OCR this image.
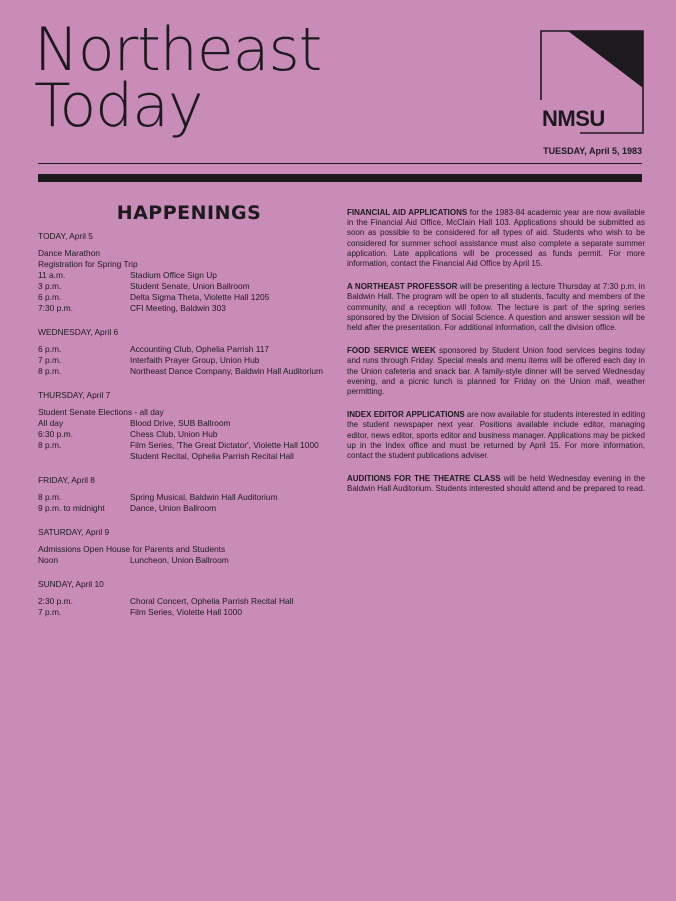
Northeast
Today	NMSU
TUESDAY, April 5, 1983
HAPPENINGS
TODAY, April 5
Dance Marathon
Registration for Spring Trip
11 a.m.	Stadium Office Sign Up
3 p.m.	Student Senate, Union Ballroom
6 p.m.	Delta Sigma Theta, Violette Hall 1205
7:30 p.m.	CFI Meeting, Baldwin 303
WEDNESDAY, April 6
6 p.m.	Accounting Club, Ophelia Parrish 117
7 p.m.	Interfaith Prayer Group, Union Hub
8 p.m.	Northeast Dance Company, Baldwin Hall Auditorium
THURSDAY, April 7
Student Senate Elections - all day
All day	Blood Drive, SUB Ballroom
6:30 p.m.	Chess Club, Union Hub
8 p.m.	Film Series, 'The Great Dictator', Violette Hall 1000
Student Recital, Ophelia Parrish Recital Hall
FRIDAY, April 8
8 p.m.	Spring Musical, Baldwin Hall Auditorium
9 p.m. to midnight	Dance, Union Ballroom
SATURDAY, April 9
Admissions Open House for Parents and Students
Noon	Luncheon, Union Ballroom
SUNDAY, April 10
2:30 p.m.	Choral Concert, Ophelia Parrish Recital Hall
7 p.m.	Film Series, Violette Hall 1000

FINANCIAL AID APPLICATIONS for the 1983-84 academic year are now available in the Financial Aid Office, McClain Hall 103. Applications should be submitted as soon as possible to be considered for all types of aid. Students who wish to be considered for summer school assistance must also complete a separate summer application. Late applications will be processed as funds permit. For more information, contact the Financial Aid Office by April 15.

A NORTHEAST PROFESSOR will be presenting a lecture Thursday at 7:30 p.m. in Baldwin Hall. The program will be open to all students, faculty and members of the community, and a reception will follow. The lecture is part of the spring series sponsored by the Division of Social Science. A question and answer session will be held after the presentation. For additional information, call the division office.

FOOD SERVICE WEEK sponsored by Student Union food services begins today and runs through Friday. Special meals and menu items will be offered each day in the Union cafeteria and snack bar. A family-style dinner will be served Wednesday evening, and a picnic lunch is planned for Friday on the Union mall, weather permitting.

INDEX EDITOR APPLICATIONS are now available for students interested in editing the student newspaper next year. Positions available include editor, managing editor, news editor, sports editor and business manager. Applications may be picked up in the Index office and must be returned by April 15. For more information, contact the student publications adviser.

AUDITIONS FOR THE THEATRE CLASS will be held Wednesday evening in the Baldwin Hall Auditorium. Students interested should attend and be prepared to read.
